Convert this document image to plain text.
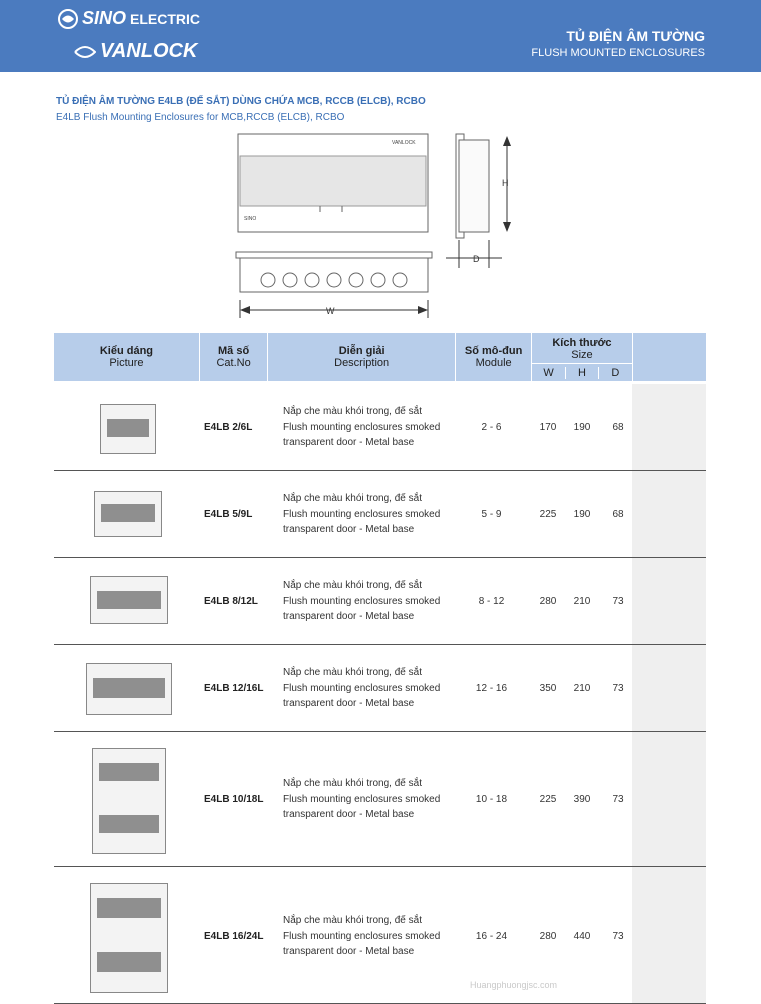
SINO ELECTRIC
VANLOCK
TỦ ĐIỆN ÂM TƯỜNG
FLUSH MOUNTED ENCLOSURES
TỦ ĐIỆN ÂM TƯỜNG E4LB (ĐẾ SẮT) DÙNG CHỨA MCB, RCCB (ELCB), RCBO
E4LB Flush Mounting Enclosures for MCB,RCCB (ELCB), RCBO
VANLOCK
SINO
H
D
W
Kiểu dáng
Picture
Mã số
Cat.No
Diễn giải
Description
Số mô-đun
Module
Kích thước
Size
W	H	D
E4LB 2/6L
Nắp che màu khói trong, đế sắt
Flush mounting enclosures smoked
transparent door - Metal base
2 - 6	170	190	68
E4LB 5/9L
Nắp che màu khói trong, đế sắt
Flush mounting enclosures smoked
transparent door - Metal base
5 - 9	225	190	68
E4LB 8/12L
Nắp che màu khói trong, đế sắt
Flush mounting enclosures smoked
transparent door - Metal base
8 - 12	280	210	73
E4LB 12/16L
Nắp che màu khói trong, đế sắt
Flush mounting enclosures smoked
transparent door - Metal base
12 - 16	350	210	73
E4LB 10/18L
Nắp che màu khói trong, đế sắt
Flush mounting enclosures smoked
transparent door - Metal base
10 - 18	225	390	73
E4LB 16/24L
Nắp che màu khói trong, đế sắt
Flush mounting enclosures smoked
transparent door - Metal base
16 - 24	280	440	73
Huangphuongjsc.com
